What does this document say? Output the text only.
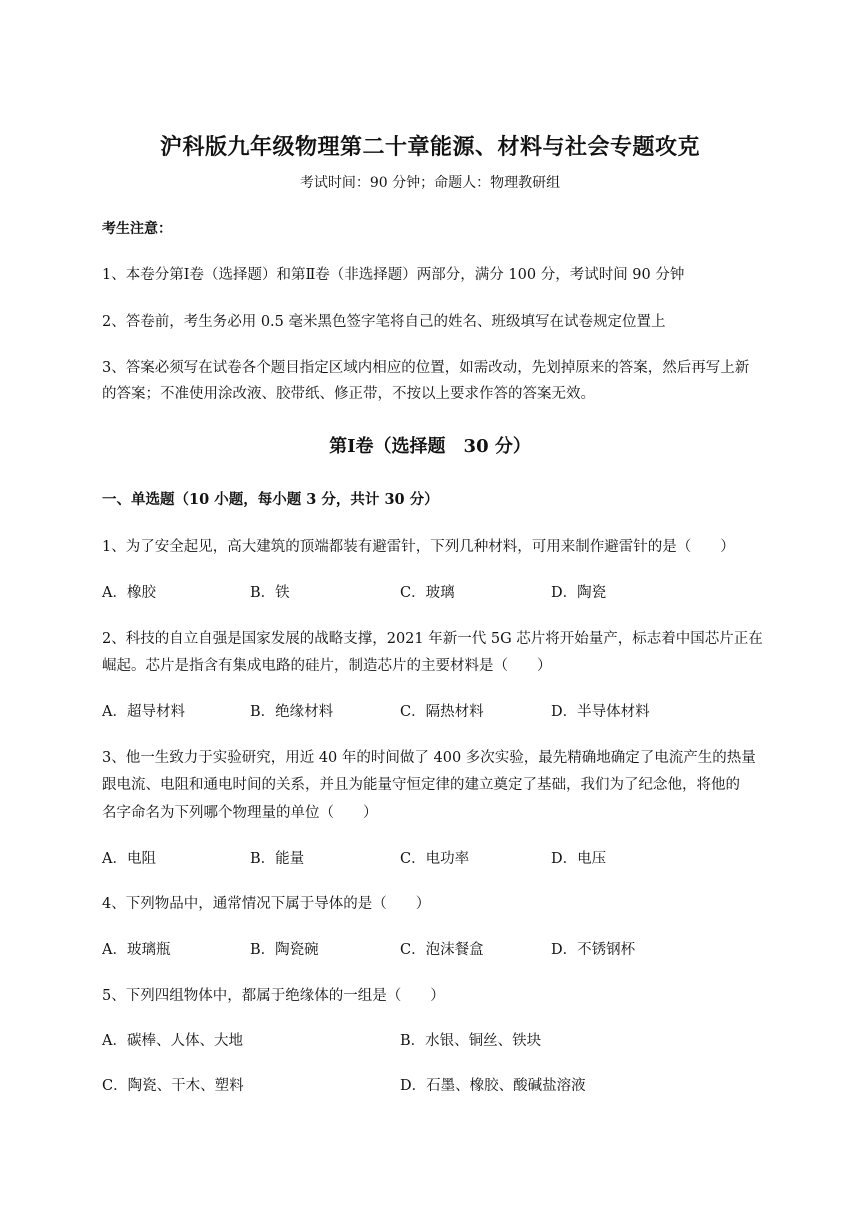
沪科版九年级物理第二十章能源、材料与社会专题攻克
考试时间：90 分钟；命题人：物理教研组
考生注意：
1、本卷分第Ⅰ卷（选择题）和第Ⅱ卷（非选择题）两部分，满分 100 分，考试时间 90 分钟
2、答卷前，考生务必用 0.5 毫米黑色签字笔将自己的姓名、班级填写在试卷规定位置上
3、答案必须写在试卷各个题目指定区域内相应的位置，如需改动，先划掉原来的答案，然后再写上新
的答案；不准使用涂改液、胶带纸、修正带，不按以上要求作答的答案无效。
第Ⅰ卷（选择题　30 分）
一、单选题（10 小题，每小题 3 分，共计 30 分）
1、为了安全起见，高大建筑的顶端都装有避雷针，下列几种材料，可用来制作避雷针的是（　　）
A．橡胶	B．铁	C．玻璃	D．陶瓷
2、科技的自立自强是国家发展的战略支撑，2021 年新一代 5G 芯片将开始量产，标志着中国芯片正在
崛起。芯片是指含有集成电路的硅片，制造芯片的主要材料是（　　）
A．超导材料	B．绝缘材料	C．隔热材料	D．半导体材料
3、他一生致力于实验研究，用近 40 年的时间做了 400 多次实验，最先精确地确定了电流产生的热量
跟电流、电阻和通电时间的关系，并且为能量守恒定律的建立奠定了基础，我们为了纪念他，将他的
名字命名为下列哪个物理量的单位（　　）
A．电阻	B．能量	C．电功率	D．电压
4、下列物品中，通常情况下属于导体的是（　　）
A．玻璃瓶	B．陶瓷碗	C．泡沫餐盒	D．不锈钢杯
5、下列四组物体中，都属于绝缘体的一组是（　　）
A．碳棒、人体、大地	B．水银、铜丝、铁块
C．陶瓷、干木、塑料	D．石墨、橡胶、酸碱盐溶液
